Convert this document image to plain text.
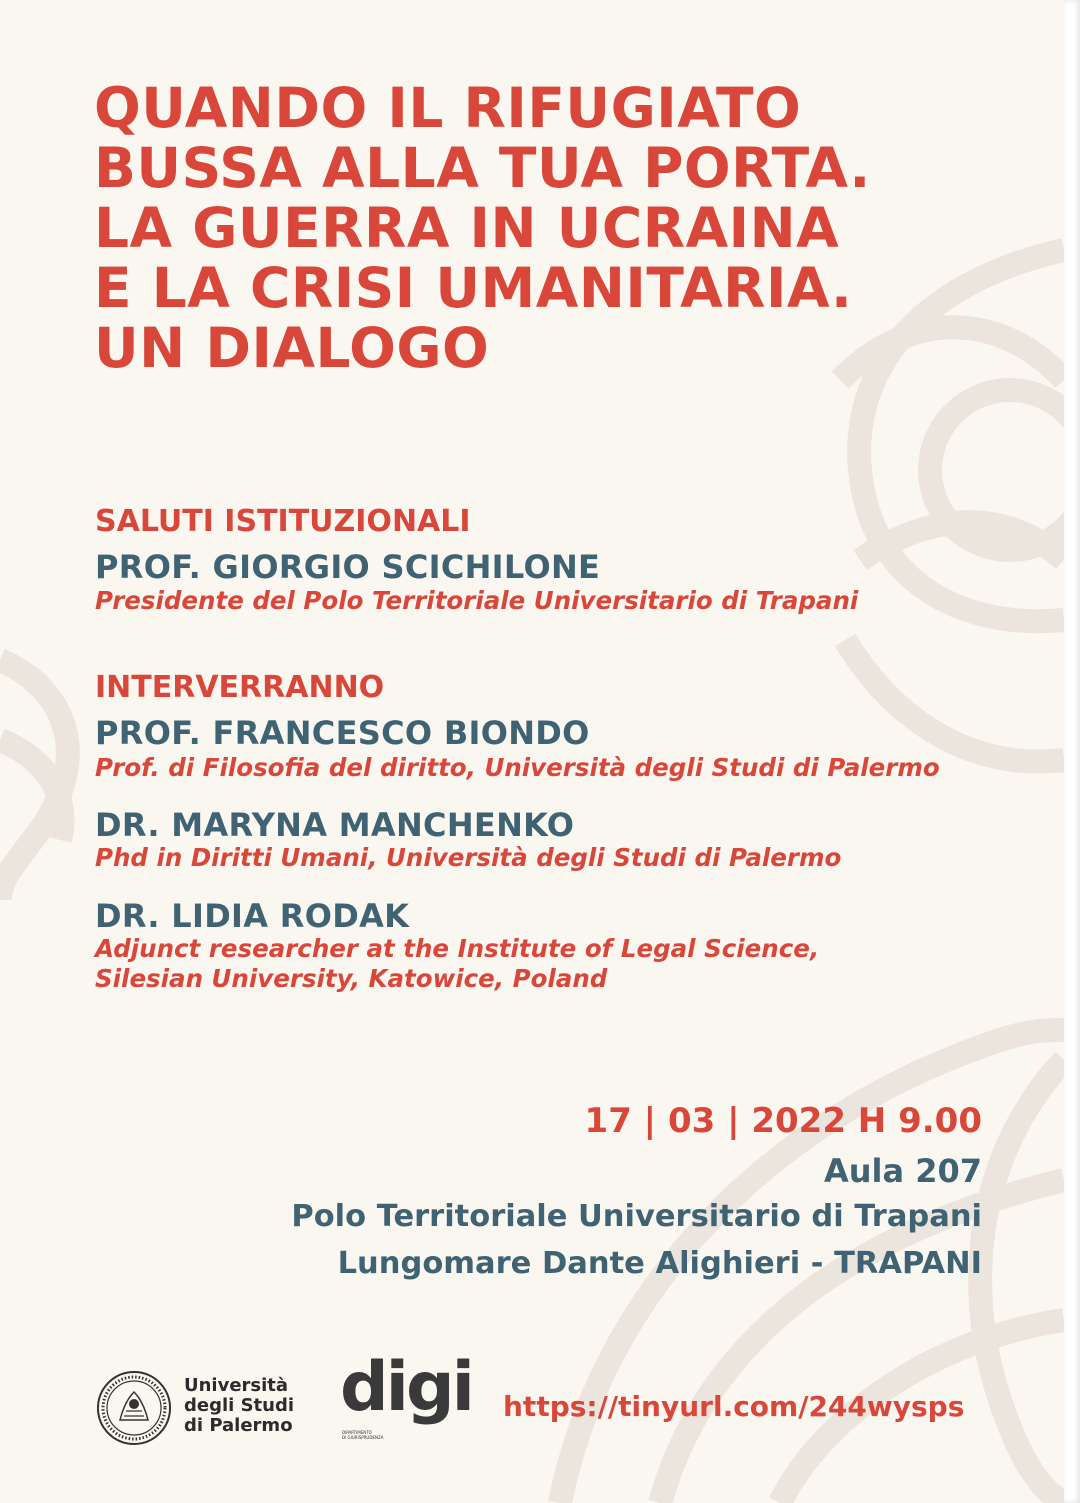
QUANDO IL RIFUGIATO
BUSSA ALLA TUA PORTA.
LA GUERRA IN UCRAINA
E LA CRISI UMANITARIA.
UN DIALOGO
SALUTI ISTITUZIONALI
PROF. GIORGIO SCICHILONE
Presidente del Polo Territoriale Universitario di Trapani
INTERVERRANNO
PROF. FRANCESCO BIONDO
Prof. di Filosofia del diritto, Università degli Studi di Palermo
DR. MARYNA MANCHENKO
Phd in Diritti Umani, Università degli Studi di Palermo
DR. LIDIA RODAK
Adjunct researcher at the Institute of Legal Science,
Silesian University, Katowice, Poland
17 | 03 | 2022 H 9.00
Aula 207
Polo Territoriale Universitario di Trapani
Lungomare Dante Alighieri - TRAPANI
Università
degli Studi
di Palermo digi
DIPARTIMENTO
DI GIURISPRUDENZA
https://tinyurl.com/244wysps
